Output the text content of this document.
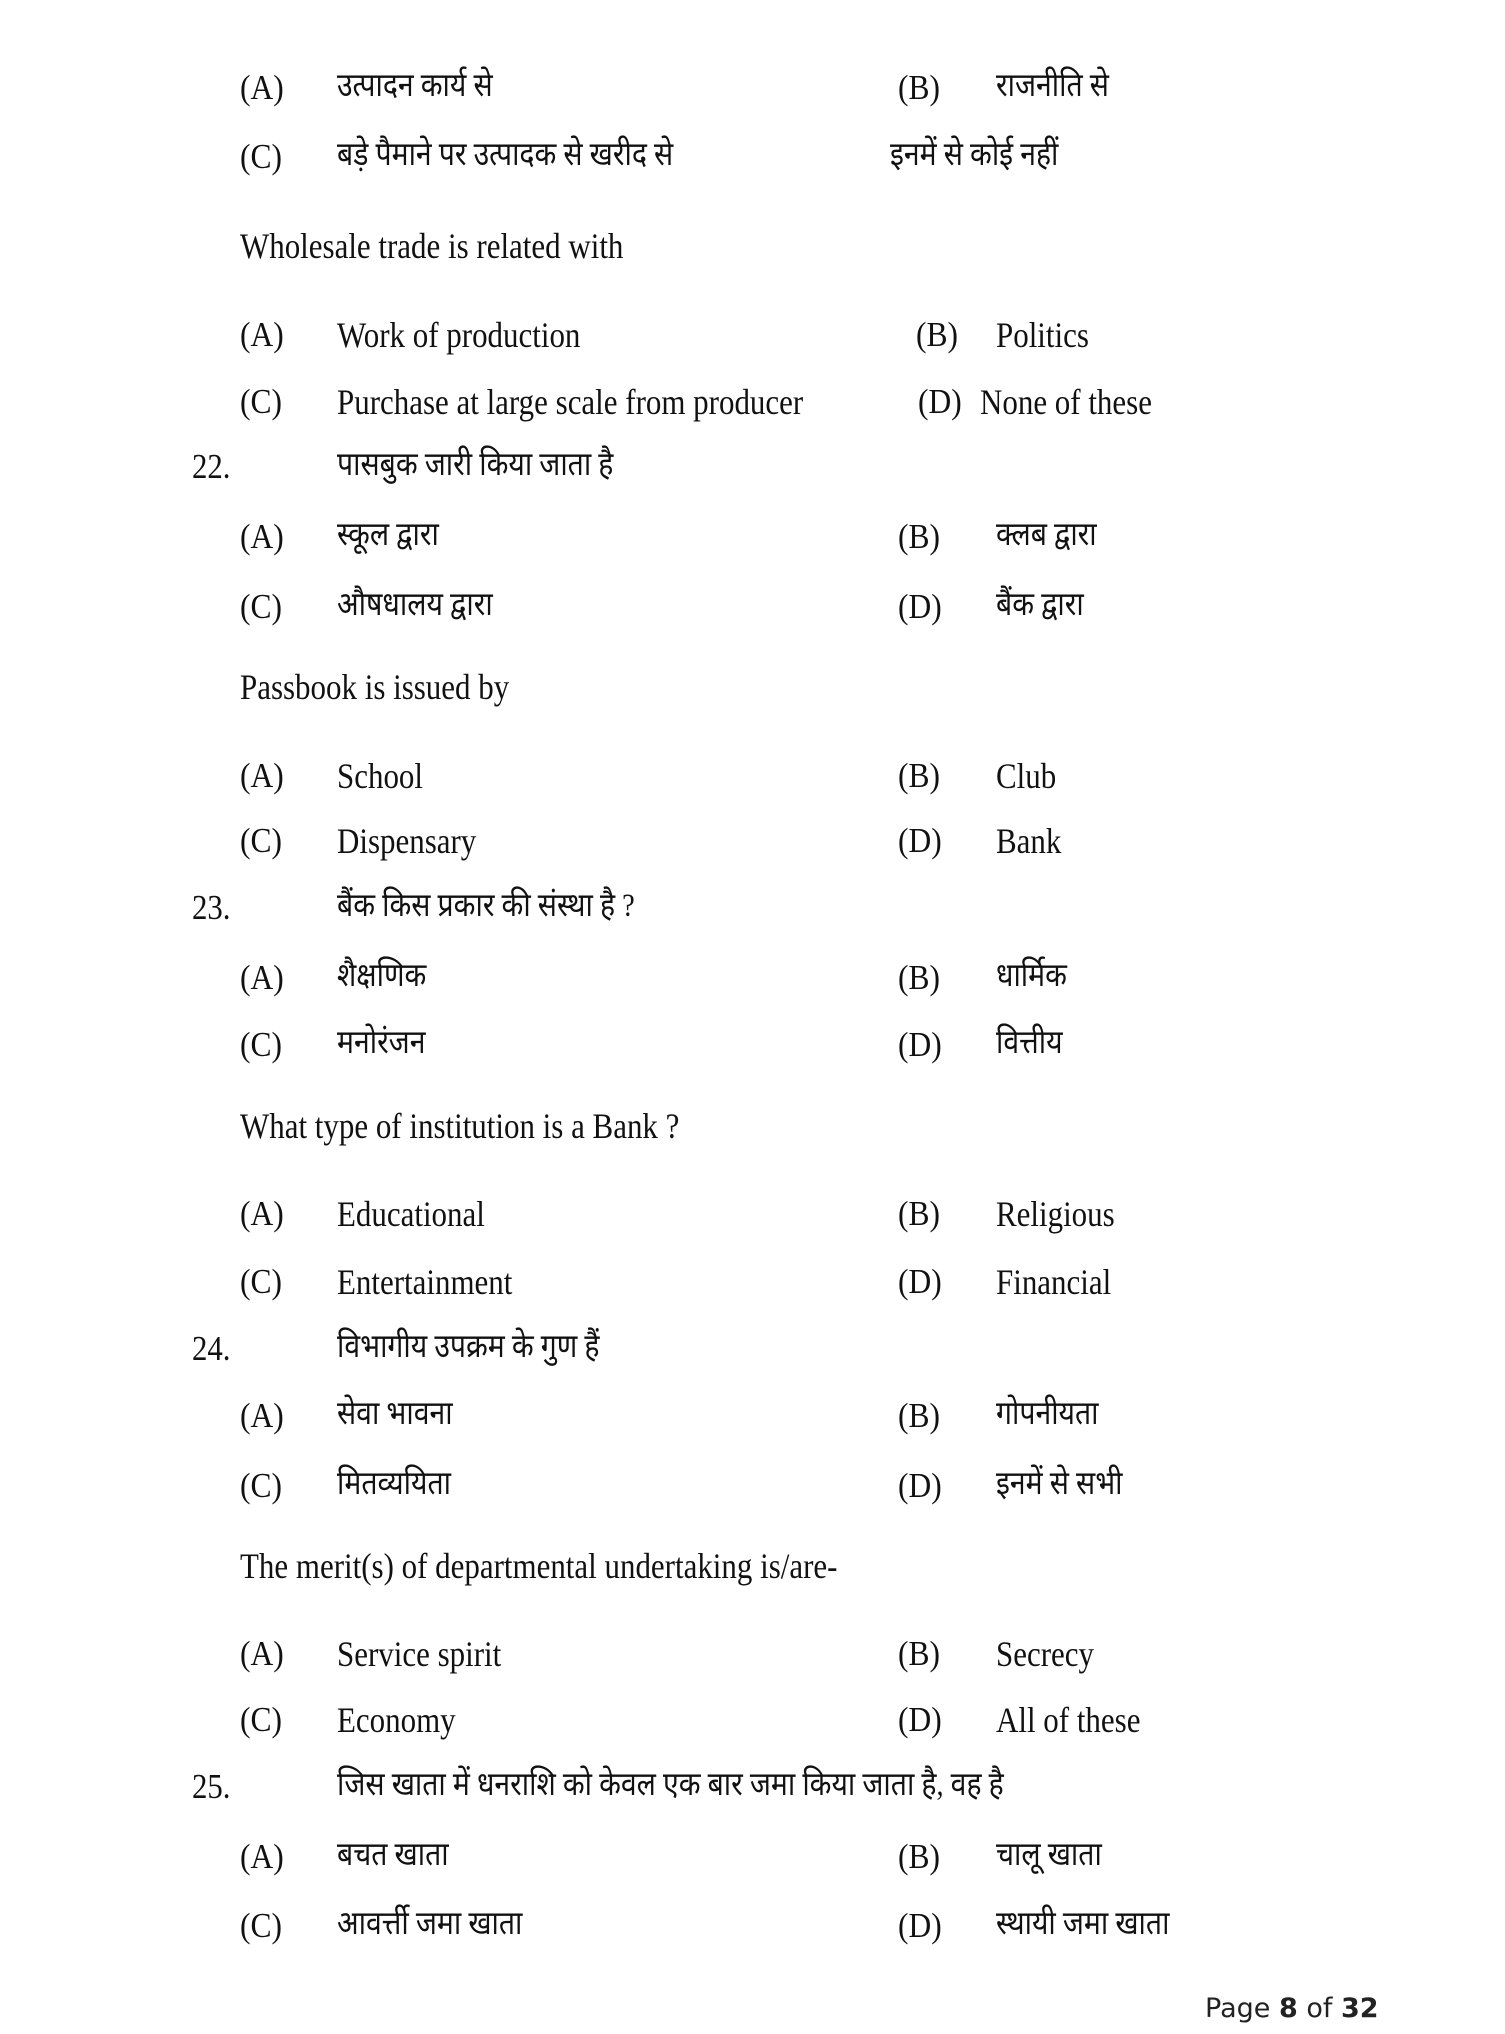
(A) उत्पादन कार्य से	(B) राजनीति से
(C) बड़े पैमाने पर उत्पादक से खरीद से	इनमें से कोई नहीं
Wholesale trade is related with
(A) Work of production	(B) Politics
(C) Purchase at large scale from producer	(D) None of these
22.	पासबुक जारी किया जाता है
(A) स्कूल द्वारा	(B) क्लब द्वारा
(C) औषधालय द्वारा	(D) बैंक द्वारा
Passbook is issued by
(A) School	(B) Club
(C) Dispensary	(D) Bank
23.	बैंक किस प्रकार की संस्था है ?
(A) शैक्षणिक	(B) धार्मिक
(C) मनोरंजन	(D) वित्तीय
What type of institution is a Bank ?
(A) Educational	(B) Religious
(C) Entertainment	(D) Financial
24.	विभागीय उपक्रम के गुण हैं
(A) सेवा भावना	(B) गोपनीयता
(C) मितव्ययिता	(D) इनमें से सभी
The merit(s) of departmental undertaking is/are-
(A) Service spirit	(B) Secrecy
(C) Economy	(D) All of these
25.	जिस खाता में धनराशि को केवल एक बार जमा किया जाता है, वह है
(A) बचत खाता	(B) चालू खाता
(C) आवर्त्ती जमा खाता	(D) स्थायी जमा खाता
Page 8 of 32
